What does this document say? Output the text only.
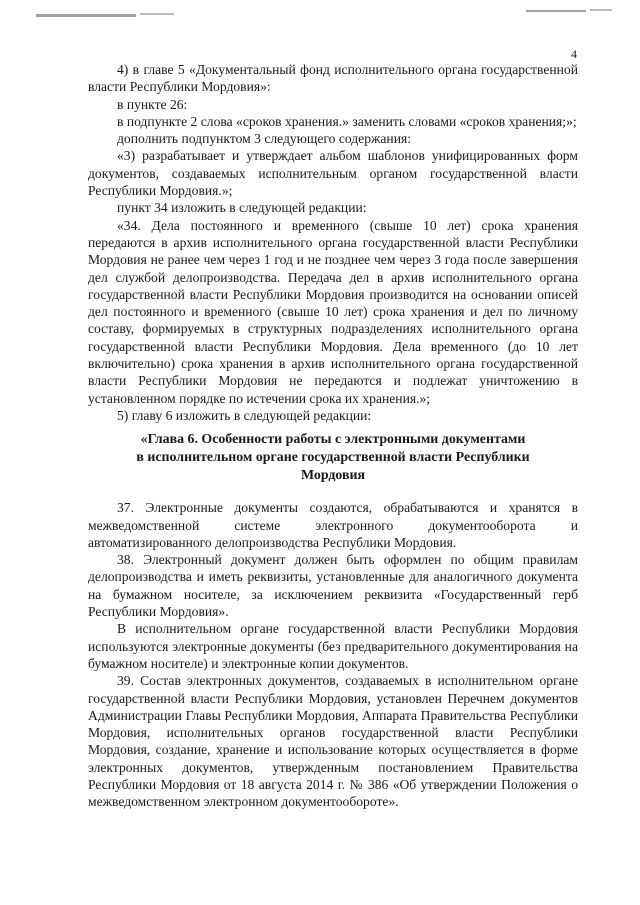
4

4) в главе 5 «Документальный фонд исполнительного органа государственной власти Республики Мордовия»:

в пункте 26:

в подпункте 2 слова «сроков хранения.» заменить словами «сроков хранения;»;

дополнить подпунктом 3 следующего содержания:

«3) разрабатывает и утверждает альбом шаблонов унифицированных форм документов, создаваемых исполнительным органом государственной власти Республики Мордовия.»;

пункт 34 изложить в следующей редакции:

«34. Дела постоянного и временного (свыше 10 лет) срока хранения передаются в архив исполнительного органа государственной власти Республики Мордовия не ранее чем через 1 год и не позднее чем через 3 года после завершения дел службой делопроизводства. Передача дел в архив исполнительного органа государственной власти Республики Мордовия производится на основании описей дел постоянного и временного (свыше 10 лет) срока хранения и дел по личному составу, формируемых в структурных подразделениях исполнительного органа государственной власти Республики Мордовия. Дела временного (до 10 лет включительно) срока хранения в архив исполнительного органа государственной власти Республики Мордовия не передаются и подлежат уничтожению в установленном порядке по истечении срока их хранения.»;

5) главу 6 изложить в следующей редакции:

«Глава 6. Особенности работы с электронными документами
в исполнительном органе государственной власти Республики
Мордовия

37. Электронные документы создаются, обрабатываются и хранятся в межведомственной системе электронного документооборота и автоматизированного делопроизводства Республики Мордовия.

38. Электронный документ должен быть оформлен по общим правилам делопроизводства и иметь реквизиты, установленные для аналогичного документа на бумажном носителе, за исключением реквизита «Государственный герб Республики Мордовия».

В исполнительном органе государственной власти Республики Мордовия используются электронные документы (без предварительного документирования на бумажном носителе) и электронные копии документов.

39. Состав электронных документов, создаваемых в исполнительном органе государственной власти Республики Мордовия, установлен Перечнем документов Администрации Главы Республики Мордовия, Аппарата Правительства Республики Мордовия, исполнительных органов государственной власти Республики Мордовия, создание, хранение и использование которых осуществляется в форме электронных документов, утвержденным постановлением Правительства Республики Мордовия от 18 августа 2014 г. № 386 «Об утверждении Положения о межведомственном электронном документообороте».
